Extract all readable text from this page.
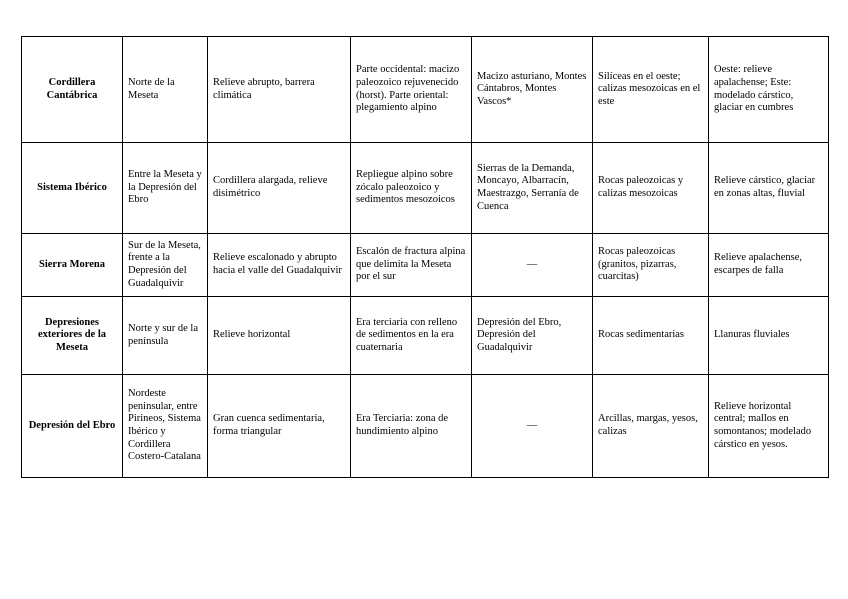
Cordillera Cantábrica	Norte de la Meseta	Relieve abrupto, barrera climática	Parte occidental: macizo paleozoico rejuvenecido (horst). Parte oriental: plegamiento alpino	Macizo asturiano, Montes Cántabros, Montes Vascos*	Silíceas en el oeste; calizas mesozoicas en el este	Oeste: relieve apalachense; Este: modelado cárstico, glaciar en cumbres
Sistema Ibérico	Entre la Meseta y la Depresión del Ebro	Cordillera alargada, relieve disimétrico	Repliegue alpino sobre zócalo paleozoico y sedimentos mesozoicos	Sierras de la Demanda, Moncayo, Albarracín, Maestrazgo, Serranía de Cuenca	Rocas paleozoicas y calizas mesozoicas	Relieve cárstico, glaciar en zonas altas, fluvial
Sierra Morena	Sur de la Meseta, frente a la Depresión del Guadalquivir	Relieve escalonado y abrupto hacia el valle del Guadalquivir	Escalón de fractura alpina que delimita la Meseta por el sur	—	Rocas paleozoicas (granitos, pizarras, cuarcitas)	Relieve apalachense, escarpes de falla
Depresiones exteriores de la Meseta	Norte y sur de la península	Relieve horizontal	Era terciaria con relleno de sedimentos en la era cuaternaria	Depresión del Ebro, Depresión del Guadalquivir	Rocas sedimentarias	Llanuras fluviales
Depresión del Ebro	Nordeste peninsular, entre Pirineos, Sistema Ibérico y Cordillera Costero-Catalana	Gran cuenca sedimentaria, forma triangular	Era Terciaria: zona de hundimiento alpino	—	Arcillas, margas, yesos, calizas	Relieve horizontal central; mallos en somontanos; modelado cárstico en yesos.
